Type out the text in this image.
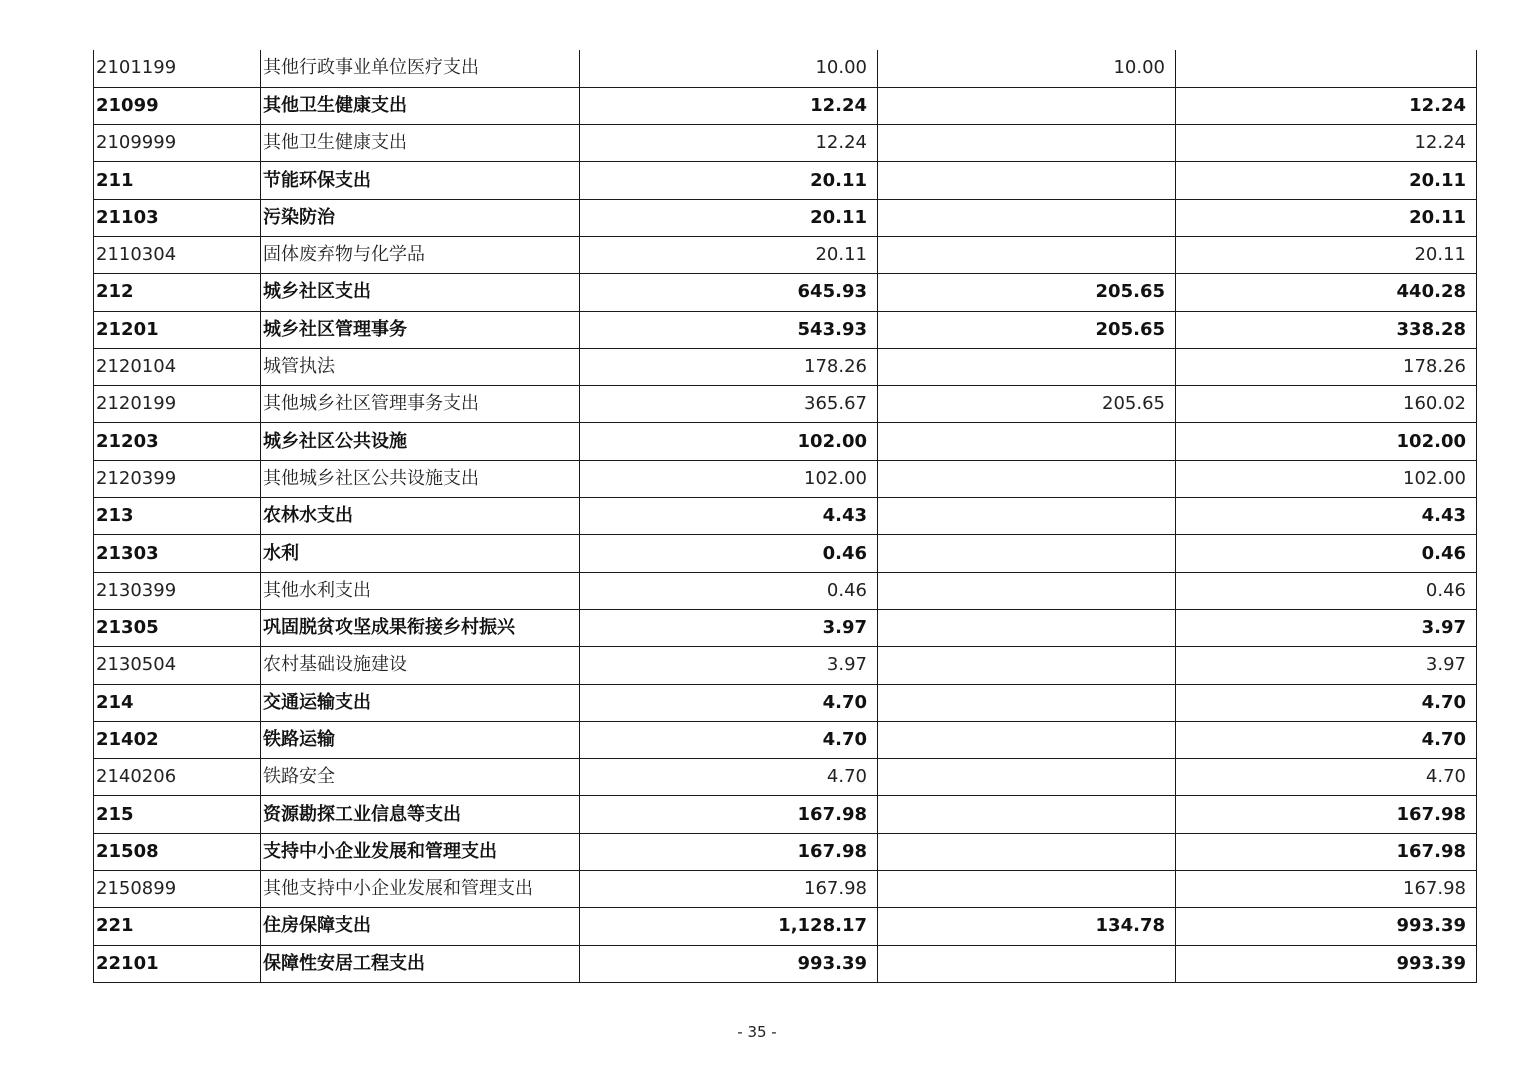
2101199	其他行政事业单位医疗支出	10.00	10.00	
21099	其他卫生健康支出	12.24		12.24
2109999	其他卫生健康支出	12.24		12.24
211	节能环保支出	20.11		20.11
21103	污染防治	20.11		20.11
2110304	固体废弃物与化学品	20.11		20.11
212	城乡社区支出	645.93	205.65	440.28
21201	城乡社区管理事务	543.93	205.65	338.28
2120104	城管执法	178.26		178.26
2120199	其他城乡社区管理事务支出	365.67	205.65	160.02
21203	城乡社区公共设施	102.00		102.00
2120399	其他城乡社区公共设施支出	102.00		102.00
213	农林水支出	4.43		4.43
21303	水利	0.46		0.46
2130399	其他水利支出	0.46		0.46
21305	巩固脱贫攻坚成果衔接乡村振兴	3.97		3.97
2130504	农村基础设施建设	3.97		3.97
214	交通运输支出	4.70		4.70
21402	铁路运输	4.70		4.70
2140206	铁路安全	4.70		4.70
215	资源勘探工业信息等支出	167.98		167.98
21508	支持中小企业发展和管理支出	167.98		167.98
2150899	其他支持中小企业发展和管理支出	167.98		167.98
221	住房保障支出	1,128.17	134.78	993.39
22101	保障性安居工程支出	993.39		993.39
- 35 -
